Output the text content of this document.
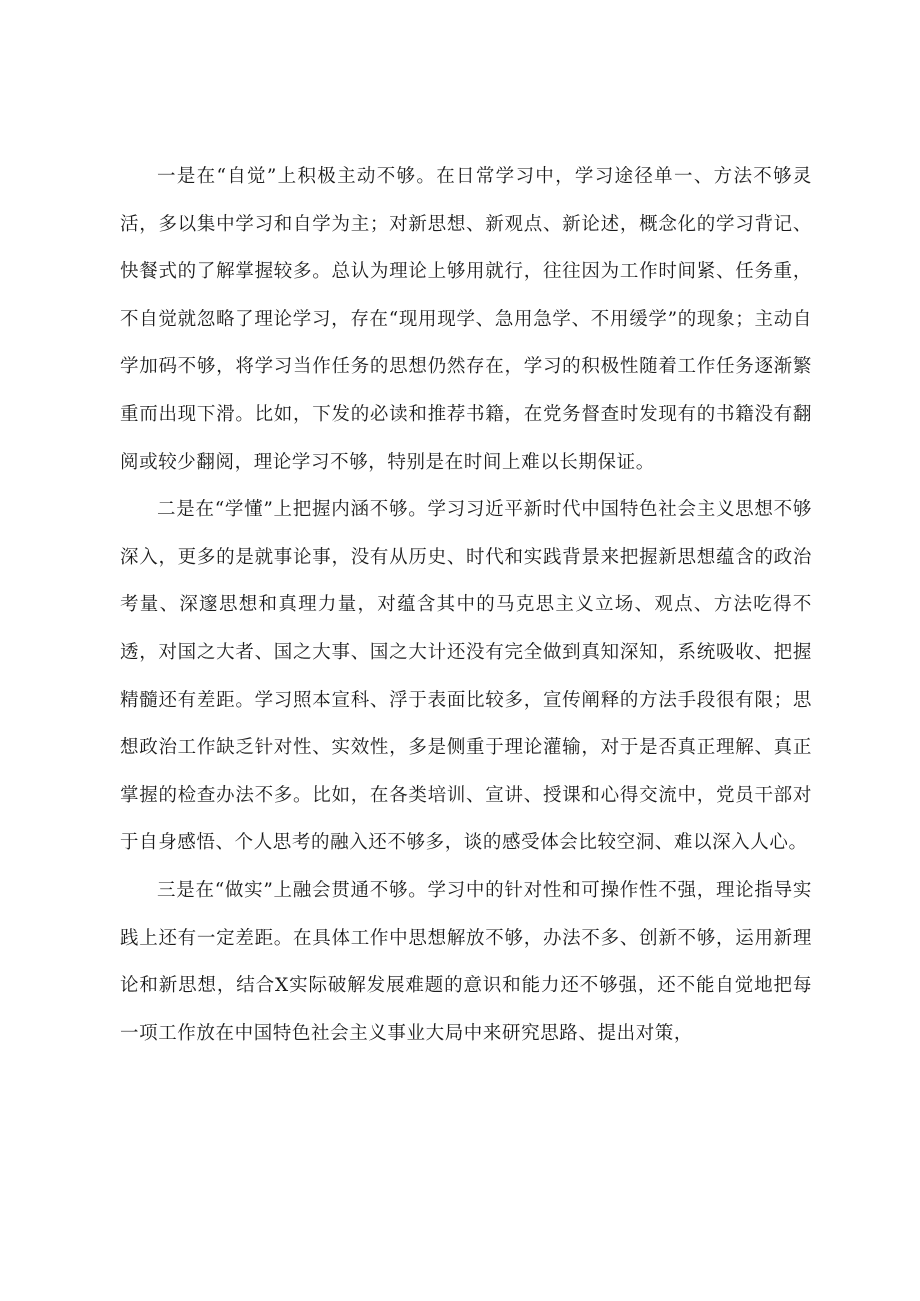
一是在“自觉”上积极主动不够。在日常学习中，学习途径单一、方法不够灵活，多以集中学习和自学为主；对新思想、新观点、新论述，概念化的学习背记、快餐式的了解掌握较多。总认为理论上够用就行，往往因为工作时间紧、任务重，不自觉就忽略了理论学习，存在“现用现学、急用急学、不用缓学”的现象；主动自学加码不够，将学习当作任务的思想仍然存在，学习的积极性随着工作任务逐渐繁重而出现下滑。比如，下发的必读和推荐书籍，在党务督查时发现有的书籍没有翻阅或较少翻阅，理论学习不够，特别是在时间上难以长期保证。

二是在“学懂”上把握内涵不够。学习习近平新时代中国特色社会主义思想不够深入，更多的是就事论事，没有从历史、时代和实践背景来把握新思想蕴含的政治考量、深邃思想和真理力量，对蕴含其中的马克思主义立场、观点、方法吃得不透，对国之大者、国之大事、国之大计还没有完全做到真知深知，系统吸收、把握精髓还有差距。学习照本宣科、浮于表面比较多，宣传阐释的方法手段很有限；思想政治工作缺乏针对性、实效性，多是侧重于理论灌输，对于是否真正理解、真正掌握的检查办法不多。比如，在各类培训、宣讲、授课和心得交流中，党员干部对于自身感悟、个人思考的融入还不够多，谈的感受体会比较空洞、难以深入人心。

三是在“做实”上融会贯通不够。学习中的针对性和可操作性不强，理论指导实践上还有一定差距。在具体工作中思想解放不够，办法不多、创新不够，运用新理论和新思想，结合X实际破解发展难题的意识和能力还不够强，还不能自觉地把每一项工作放在中国特色社会主义事业大局中来研究思路、提出对策，
